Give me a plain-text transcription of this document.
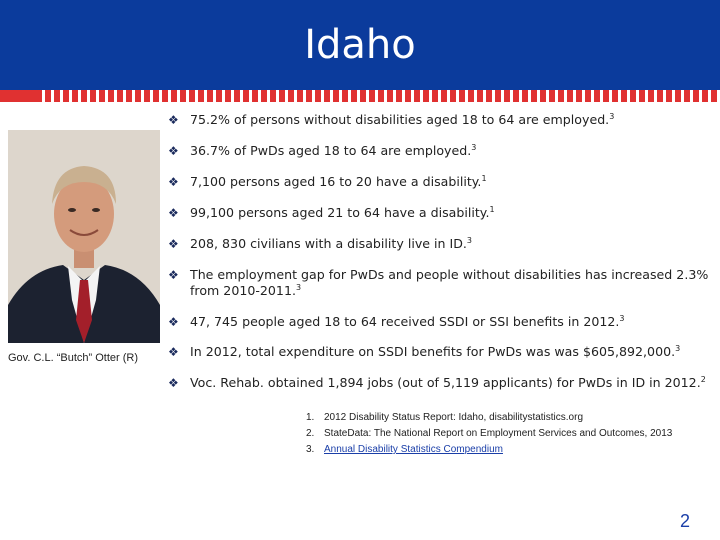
Idaho
Gov. C.L. “Butch” Otter (R)
❖ 75.2% of persons without disabilities aged 18 to 64 are employed.$^3$
❖ 36.7% of PwDs aged 18 to 64 are employed.$^3$
❖ 7,100 persons aged 16 to 20 have a disability.$^1$
❖ 99,100 persons aged 21 to 64 have a disability.$^1$
❖ 208, 830 civilians with a disability live in ID.$^3$
❖ The employment gap for PwDs and people without disabilities has increased 2.3% from 2010-2011.$^3$
❖ 47, 745 people aged 18 to 64 received SSDI or SSI benefits in 2012.$^3$
❖ In 2012, total expenditure on SSDI benefits for PwDs was was $605,892,000.$^3$
❖ Voc. Rehab. obtained 1,894 jobs (out of 5,119 applicants) for PwDs in ID in 2012.$^2$
1. 2012 Disability Status Report: Idaho, disabilitystatistics.org
2. StateData: The National Report on Employment Services and Outcomes, 2013
3. Annual Disability Statistics Compendium
2
